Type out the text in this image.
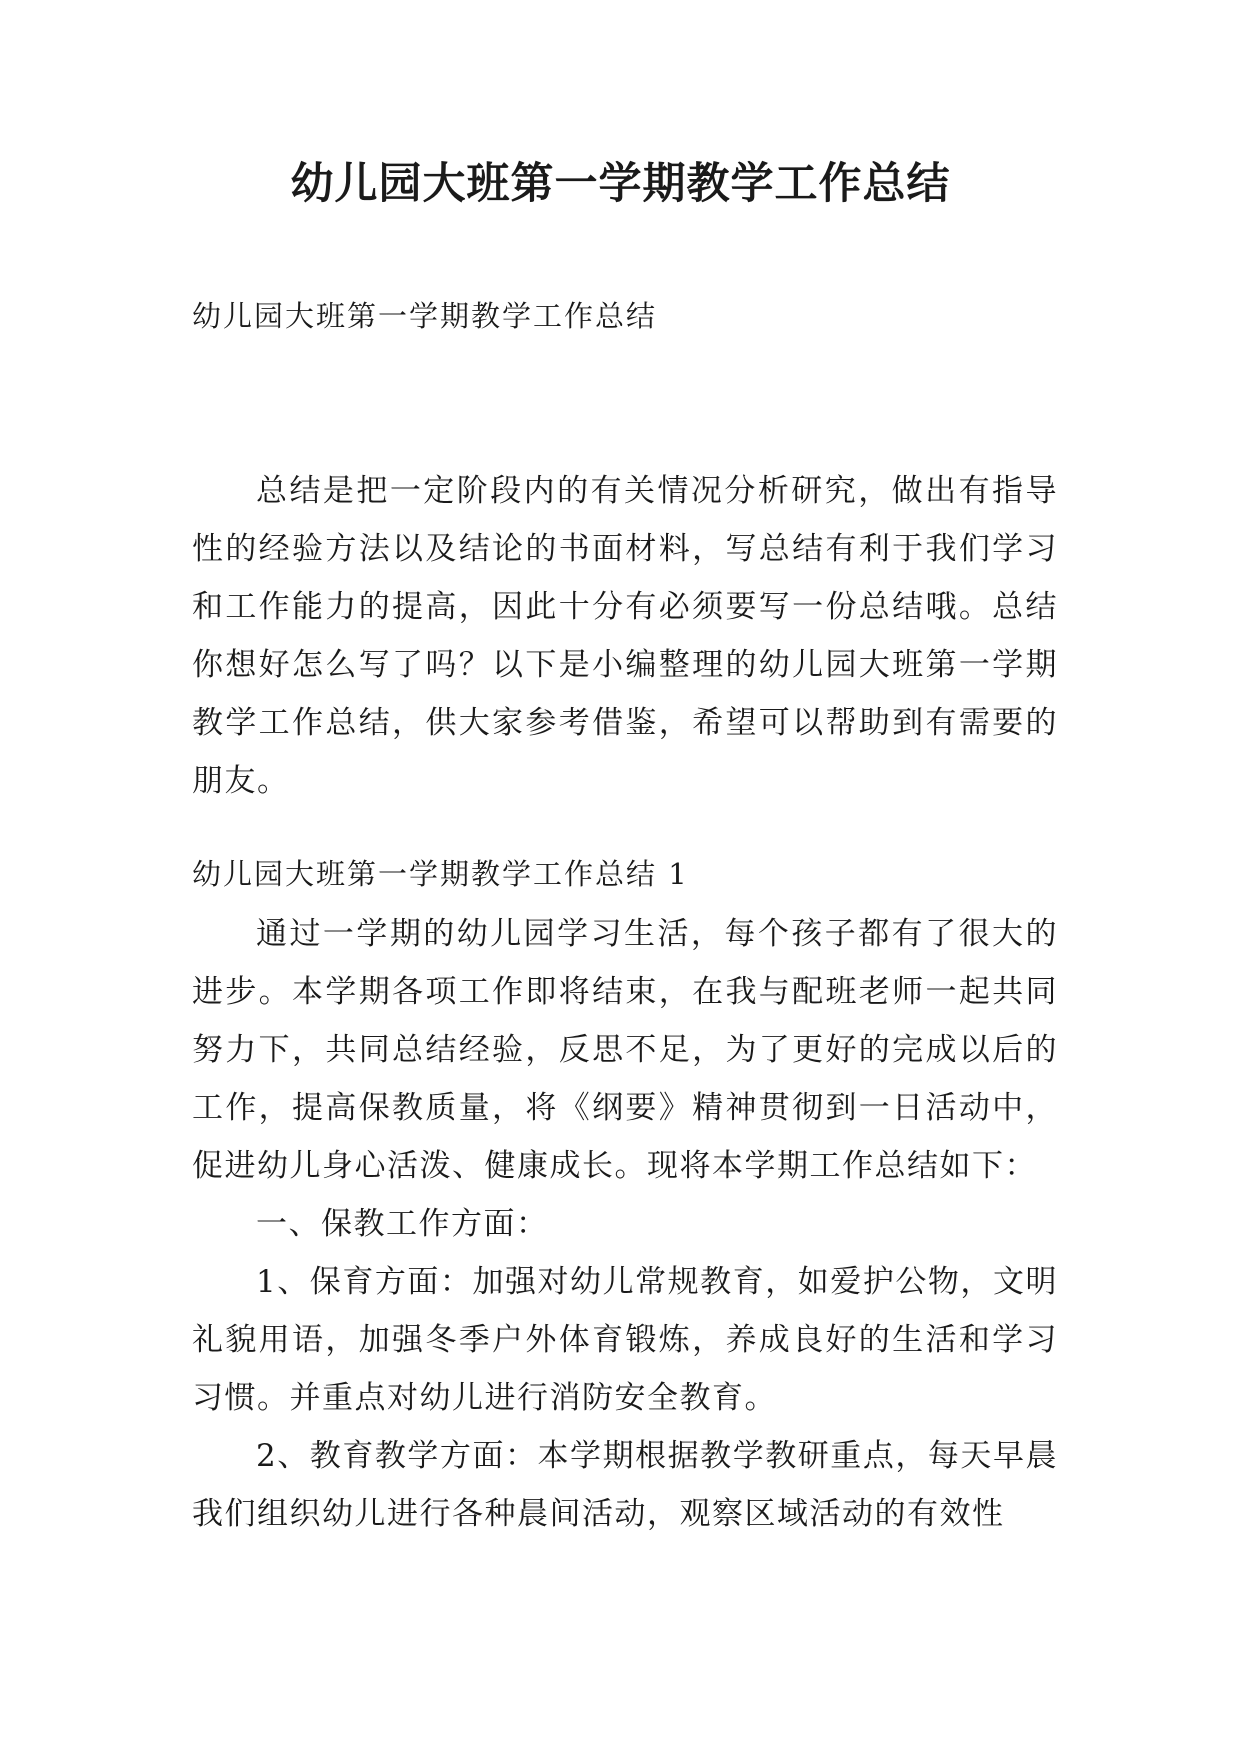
幼儿园大班第一学期教学工作总结

幼儿园大班第一学期教学工作总结

总结是把一定阶段内的有关情况分析研究，做出有指导性的经验方法以及结论的书面材料，写总结有利于我们学习和工作能力的提高，因此十分有必须要写一份总结哦。总结你想好怎么写了吗？以下是小编整理的幼儿园大班第一学期教学工作总结，供大家参考借鉴，希望可以帮助到有需要的朋友。

幼儿园大班第一学期教学工作总结 1

通过一学期的幼儿园学习生活，每个孩子都有了很大的进步。本学期各项工作即将结束，在我与配班老师一起共同努力下，共同总结经验，反思不足，为了更好的完成以后的工作，提高保教质量，将《纲要》精神贯彻到一日活动中，促进幼儿身心活泼、健康成长。现将本学期工作总结如下：

一、保教工作方面：

1、保育方面：加强对幼儿常规教育，如爱护公物，文明礼貌用语，加强冬季户外体育锻炼，养成良好的生活和学习习惯。并重点对幼儿进行消防安全教育。

2、教育教学方面：本学期根据教学教研重点，每天早晨我们组织幼儿进行各种晨间活动，观察区域活动的有效性
